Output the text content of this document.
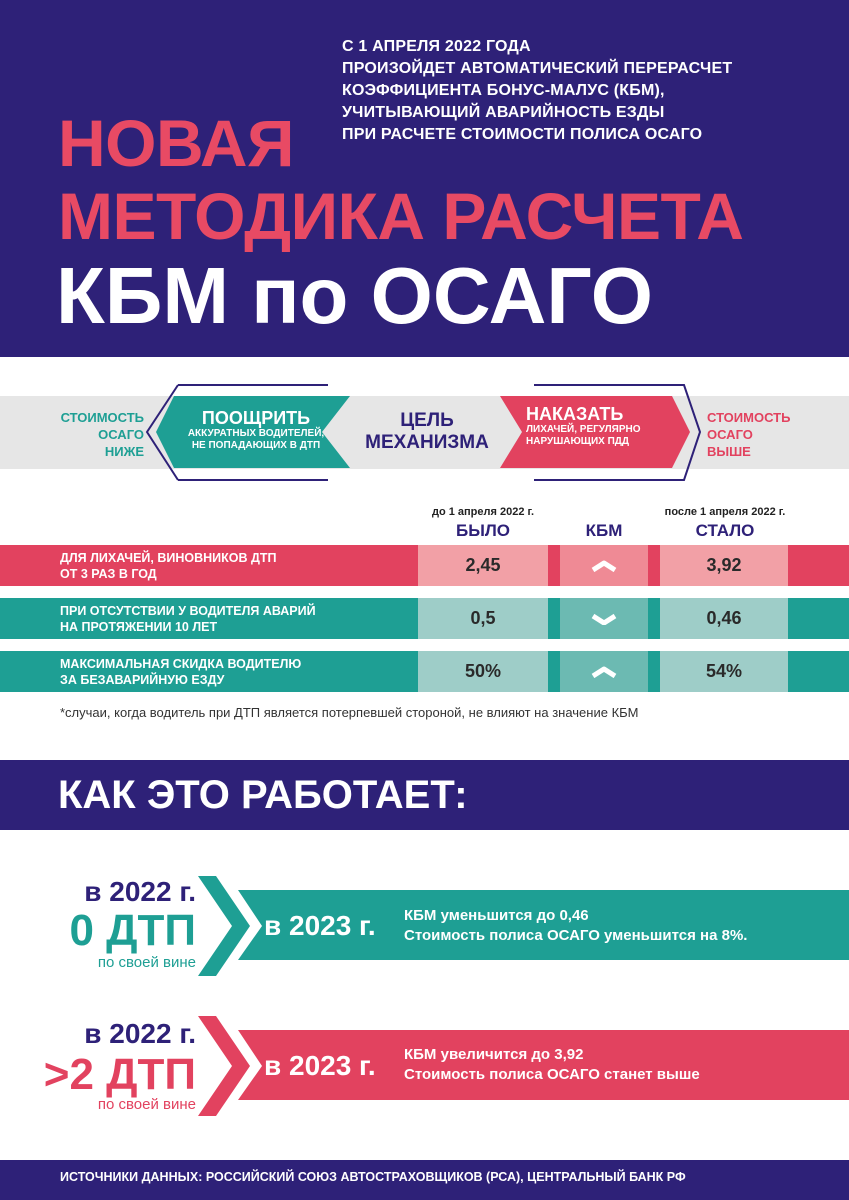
С 1 АПРЕЛЯ 2022 ГОДА
ПРОИЗОЙДЕТ АВТОМАТИЧЕСКИЙ ПЕРЕРАСЧЕТ
КОЭФФИЦИЕНТА БОНУС-МАЛУС (КБМ),
УЧИТЫВАЮЩИЙ АВАРИЙНОСТЬ ЕЗДЫ
ПРИ РАСЧЕТЕ СТОИМОСТИ ПОЛИСА ОСАГО
НОВАЯ
МЕТОДИКА РАСЧЕТА
КБМ по ОСАГО
СТОИМОСТЬ
ОСАГО
НИЖЕ
ПООЩРИТЬ
АККУРАТНЫХ ВОДИТЕЛЕЙ,
НЕ ПОПАДАЮЩИХ В ДТП
ЦЕЛЬ
МЕХАНИЗМА
НАКАЗАТЬ
ЛИХАЧЕЙ, РЕГУЛЯРНО
НАРУШАЮЩИХ ПДД
СТОИМОСТЬ
ОСАГО
ВЫШЕ
до 1 апреля 2022 г.
БЫЛО	КБМ
после 1 апреля 2022 г.
СТАЛО
ДЛЯ ЛИХАЧЕЙ, ВИНОВНИКОВ ДТП
ОТ 3 РАЗ В ГОД	2,45	3,92
ПРИ ОТСУТСТВИИ У ВОДИТЕЛЯ АВАРИЙ
НА ПРОТЯЖЕНИИ 10 ЛЕТ	0,5	0,46
МАКСИМАЛЬНАЯ СКИДКА ВОДИТЕЛЮ
ЗА БЕЗАВАРИЙНУЮ ЕЗДУ	50%	54%
*случаи, когда водитель при ДТП является потерпевшей стороной, не влияют на значение КБМ
КАК ЭТО РАБОТАЕТ:
в 2022 г.
0 ДТП
по своей вине
в 2023 г. КБМ уменьшится до 0,46
Стоимость полиса ОСАГО уменьшится на 8%.
в 2022 г.
>2 ДТП
по своей вине
в 2023 г. КБМ увеличится до 3,92
Стоимость полиса ОСАГО станет выше
ИСТОЧНИКИ ДАННЫХ: РОССИЙСКИЙ СОЮЗ АВТОСТРАХОВЩИКОВ (РСА), ЦЕНТРАЛЬНЫЙ БАНК РФ
